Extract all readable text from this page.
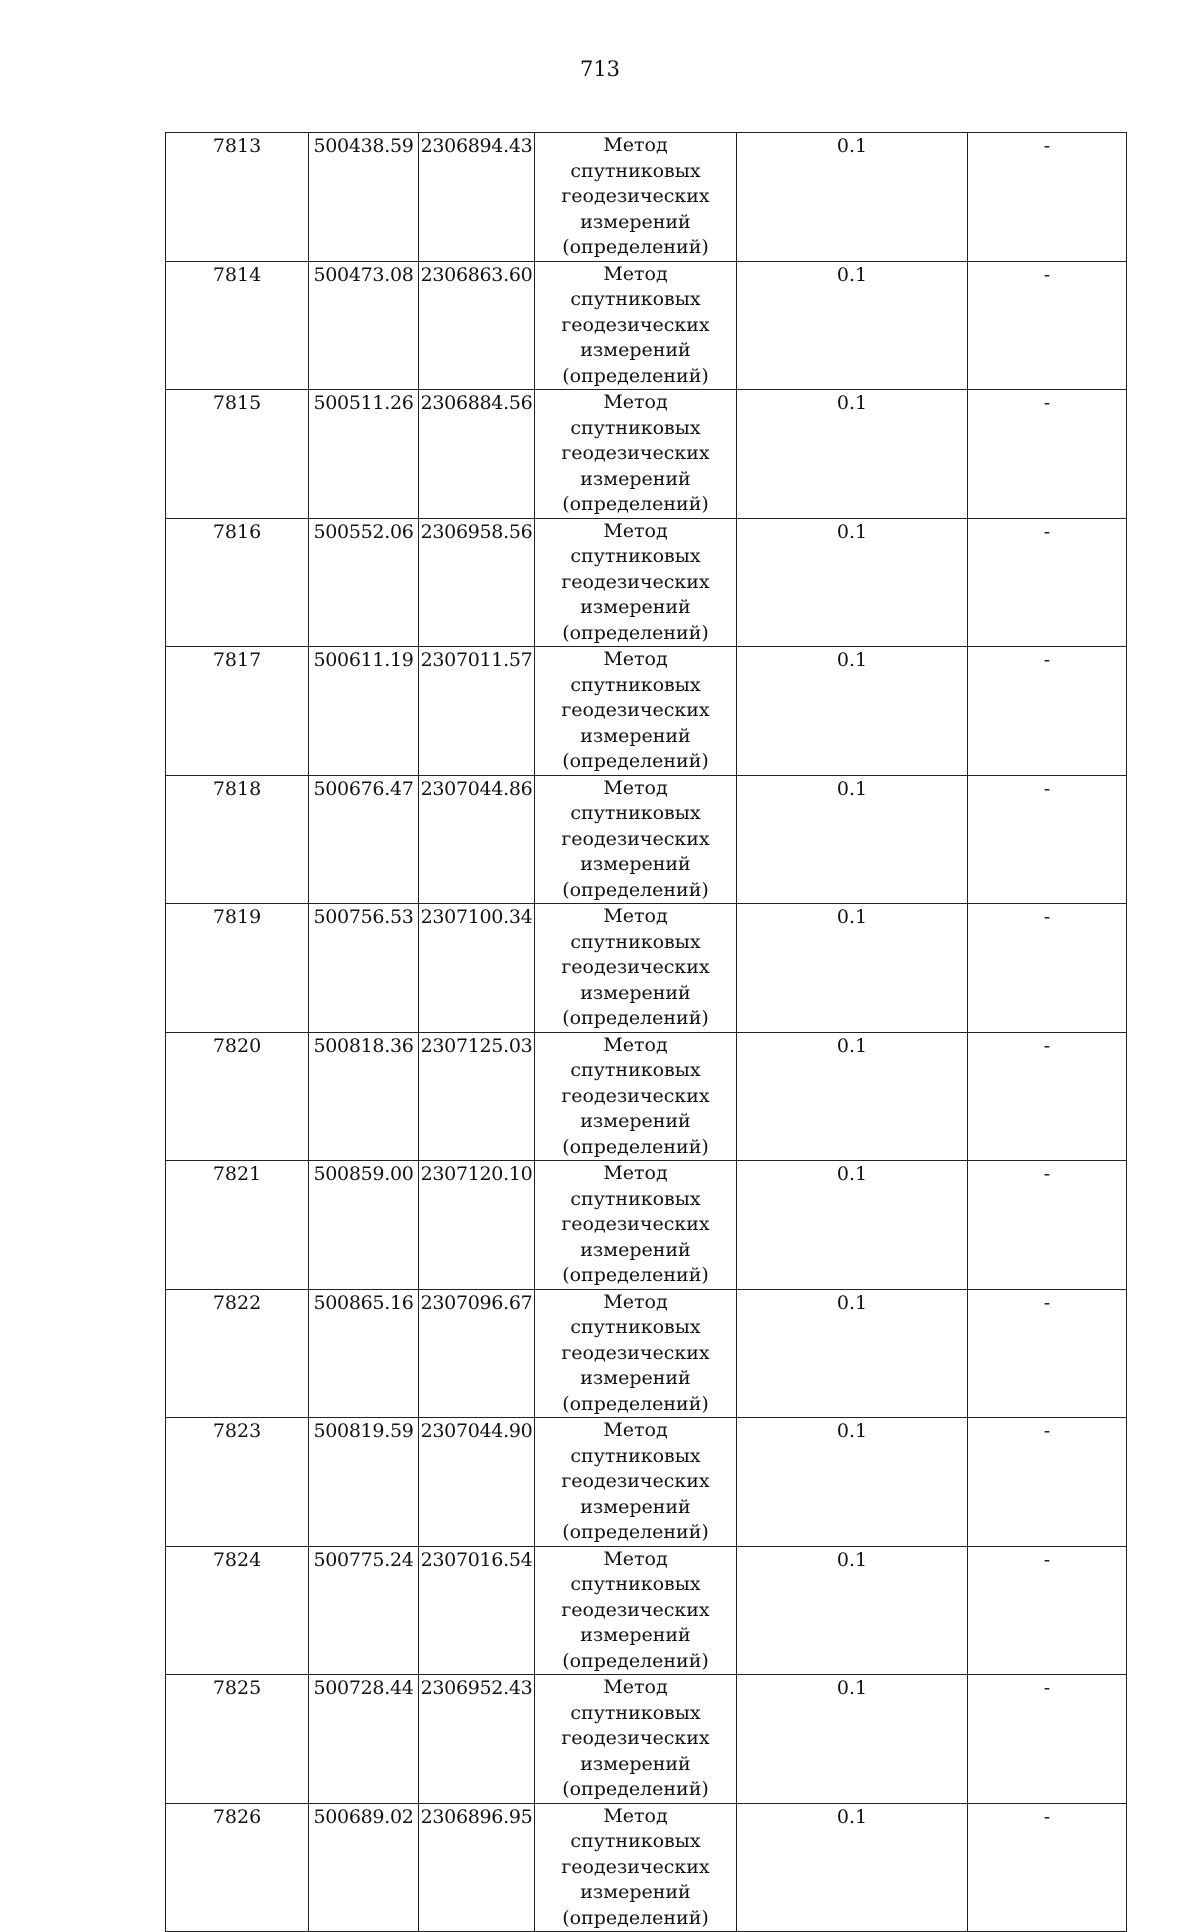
713
7813	500438.59	2306894.43	Метод спутниковых
геодезических
измерений
(определений)	0.1	-
7814	500473.08	2306863.60	Метод спутниковых
геодезических
измерений
(определений)	0.1	-
7815	500511.26	2306884.56	Метод спутниковых
геодезических
измерений
(определений)	0.1	-
7816	500552.06	2306958.56	Метод спутниковых
геодезических
измерений
(определений)	0.1	-
7817	500611.19	2307011.57	Метод спутниковых
геодезических
измерений
(определений)	0.1	-
7818	500676.47	2307044.86	Метод спутниковых
геодезических
измерений
(определений)	0.1	-
7819	500756.53	2307100.34	Метод спутниковых
геодезических
измерений
(определений)	0.1	-
7820	500818.36	2307125.03	Метод спутниковых
геодезических
измерений
(определений)	0.1	-
7821	500859.00	2307120.10	Метод спутниковых
геодезических
измерений
(определений)	0.1	-
7822	500865.16	2307096.67	Метод спутниковых
геодезических
измерений
(определений)	0.1	-
7823	500819.59	2307044.90	Метод спутниковых
геодезических
измерений
(определений)	0.1	-
7824	500775.24	2307016.54	Метод спутниковых
геодезических
измерений
(определений)	0.1	-
7825	500728.44	2306952.43	Метод спутниковых
геодезических
измерений
(определений)	0.1	-
7826	500689.02	2306896.95	Метод спутниковых
геодезических
измерений
(определений)	0.1	-
